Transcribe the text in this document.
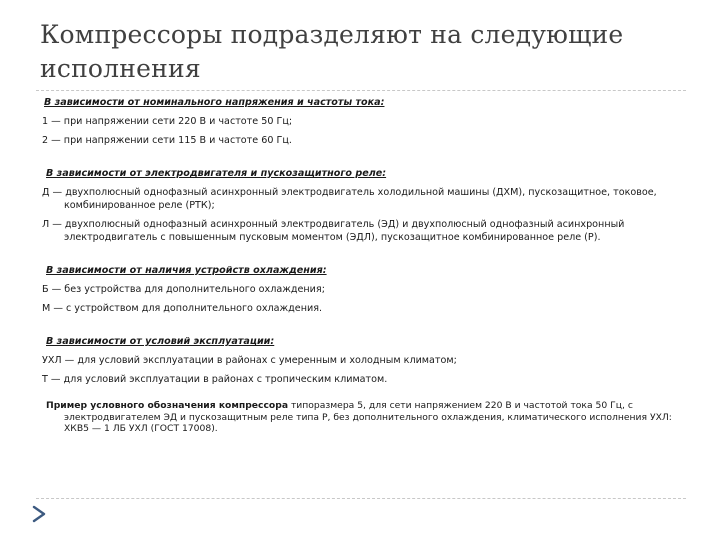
Компрессоры подразделяют на следующие исполнения

В зависимости от номинального напряжения и частоты тока:

1 — при напряжении сети 220 В и частоте 50 Гц;

2 — при напряжении сети 115 В и частоте 60 Гц.

В зависимости от электродвигателя и пускозащитного реле:

Д — двухполюсный однофазный асинхронный электродвигатель холодильной машины (ДХМ), пускозащитное, токовое, комбинированное реле (РТК);

Л — двухполюсный однофазный асинхронный электродвигатель (ЭД) и двухполюсный однофазный асинхронный электродвигатель с повышенным пусковым моментом (ЭДЛ), пускозащитное комбинированное реле (Р).

В зависимости от наличия устройств охлаждения:

Б — без устройства для дополнительного охлаждения;

М — с устройством для дополнительного охлаждения.

В зависимости от условий эксплуатации:

УХЛ — для условий эксплуатации в районах с умеренным и холодным климатом;

Т — для условий эксплуатации в районах с тропическим климатом.

Пример условного обозначения компрессора типоразмера 5, для сети напряжением 220 В и частотой тока 50 Гц, с электродвигателем ЭД и пускозащитным реле типа Р, без дополнительного охлаждения, климатического исполнения УХЛ: ХКВ5 — 1 ЛБ УХЛ (ГОСТ 17008).
